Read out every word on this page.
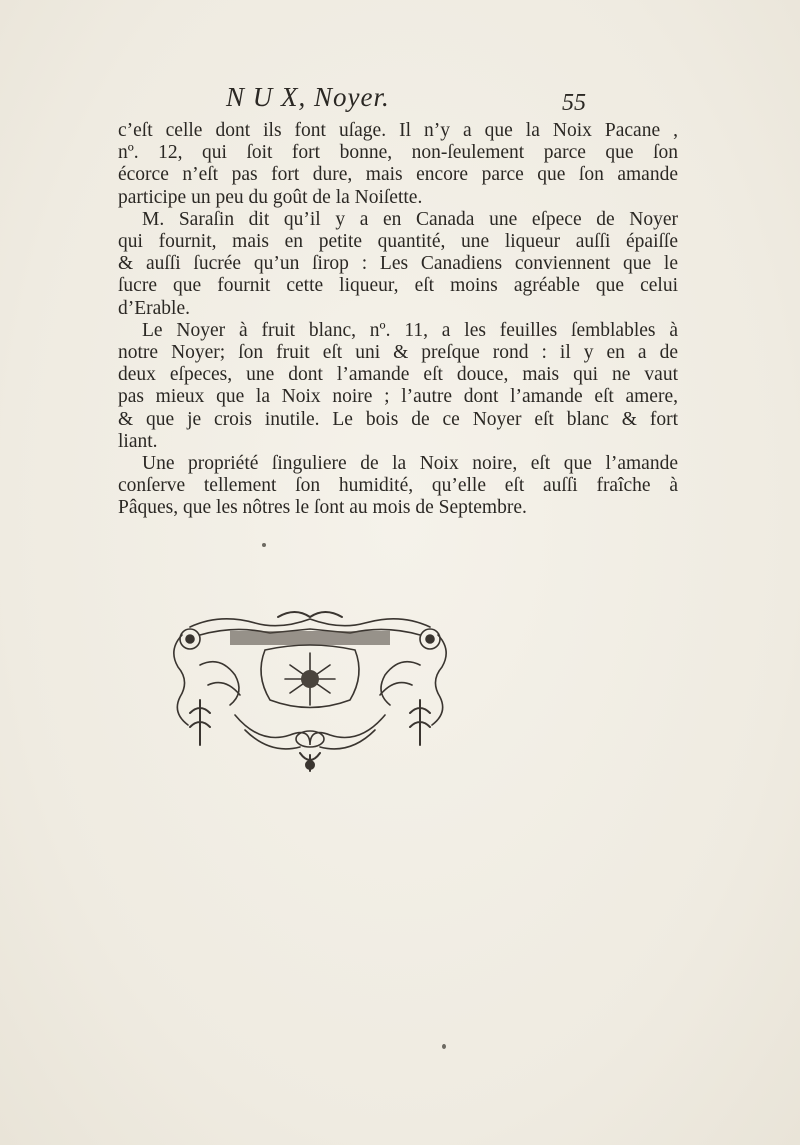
N U X, Noyer.	55

c’eſt celle dont ils font uſage. Il n’y a que la Noix Pacane ,
nº. 12, qui ſoit fort bonne, non-ſeulement parce que ſon
écorce n’eſt pas fort dure, mais encore parce que ſon amande
participe un peu du goût de la Noiſette.

M. Saraſin dit qu’il y a en Canada une eſpece de Noyer
qui fournit, mais en petite quantité, une liqueur auſſi épaiſſe
& auſſi ſucrée qu’un ſirop : Les Canadiens conviennent que le
ſucre que fournit cette liqueur, eſt moins agréable que celui
d’Erable.

Le Noyer à fruit blanc, nº. 11, a les feuilles ſemblables à
notre Noyer; ſon fruit eſt uni & preſque rond : il y en a de
deux eſpeces, une dont l’amande eſt douce, mais qui ne vaut
pas mieux que la Noix noire ; l’autre dont l’amande eſt amere,
& que je crois inutile. Le bois de ce Noyer eſt blanc & fort
liant.

Une propriété ſinguliere de la Noix noire, eſt que l’amande
conſerve tellement ſon humidité, qu’elle eſt auſſi fraîche à
Pâques, que les nôtres le ſont au mois de Septembre.
